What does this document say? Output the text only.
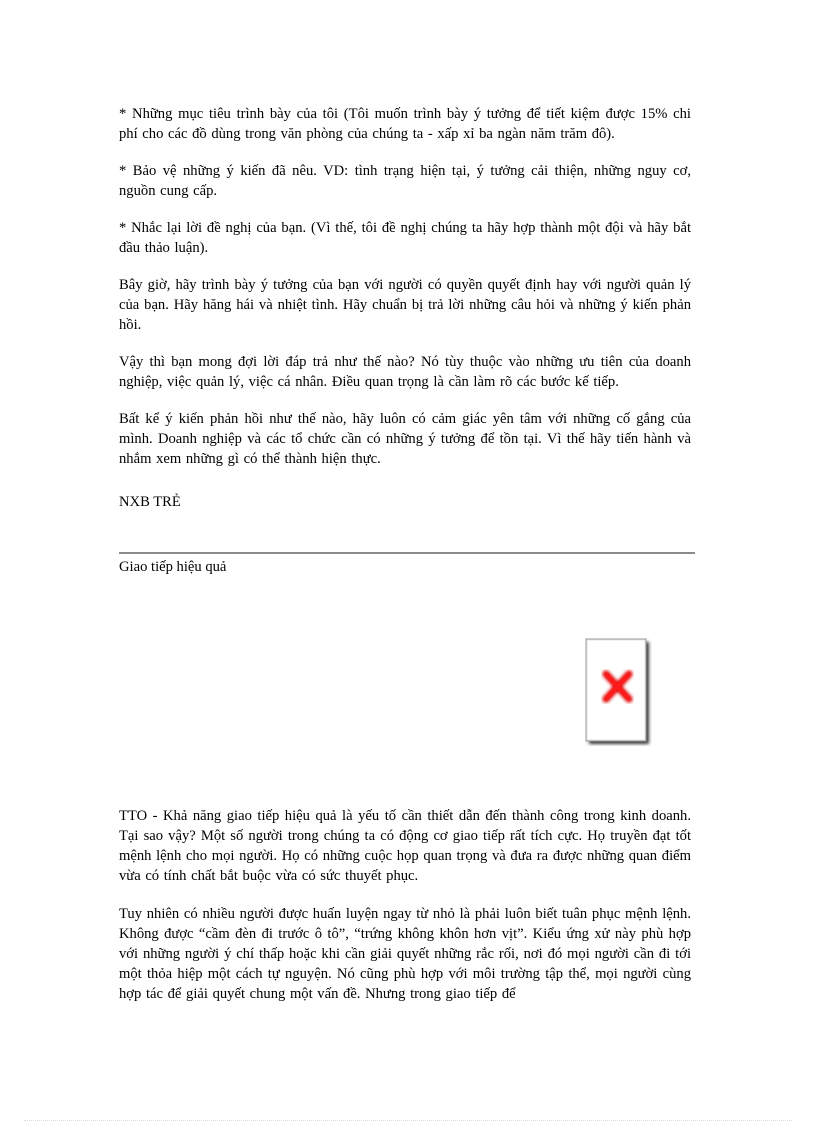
* Những mục tiêu trình bày của tôi (Tôi muốn trình bày ý tưởng để tiết kiệm được 15% chi phí cho các đồ dùng trong văn phòng của chúng ta - xấp xỉ ba ngàn năm trăm đô).

* Bảo vệ những ý kiến đã nêu. VD: tình trạng hiện tại, ý tưởng cải thiện, những nguy cơ, nguồn cung cấp.

* Nhắc lại lời đề nghị của bạn. (Vì thế, tôi đề nghị chúng ta hãy hợp thành một đội và hãy bắt đầu thảo luận).

Bây giờ, hãy trình bày ý tưởng của bạn với người có quyền quyết định hay với người quản lý của bạn. Hãy hăng hái và nhiệt tình. Hãy chuẩn bị trả lời những câu hỏi và những ý kiến phản hồi.

Vậy thì bạn mong đợi lời đáp trả như thế nào? Nó tùy thuộc vào những ưu tiên của doanh nghiệp, việc quản lý, việc cá nhân. Điều quan trọng là cần làm rõ các bước kế tiếp.

Bất kể ý kiến phản hồi như thế nào, hãy luôn có cảm giác yên tâm với những cố gắng của mình. Doanh nghiệp và các tổ chức cần có những ý tưởng để tồn tại. Vì thế hãy tiến hành và nhắm xem những gì có thể thành hiện thực.

NXB TRẺ

Giao tiếp hiệu quả

TTO - Khả năng giao tiếp hiệu quả là yếu tố cần thiết dẫn đến thành công trong kinh doanh. Tại sao vậy? Một số người trong chúng ta có động cơ giao tiếp rất tích cực. Họ truyền đạt tốt mệnh lệnh cho mọi người. Họ có những cuộc họp quan trọng và đưa ra được những quan điểm vừa có tính chất bắt buộc vừa có sức thuyết phục.

Tuy nhiên có nhiều người được huấn luyện ngay từ nhỏ là phải luôn biết tuân phục mệnh lệnh. Không được “cầm đèn đi trước ô tô”, “trứng không khôn hơn vịt”. Kiểu ứng xử này phù hợp với những người ý chí thấp hoặc khi cần giải quyết những rắc rối, nơi đó mọi người cần đi tới một thỏa hiệp một cách tự nguyện. Nó cũng phù hợp với môi trường tập thể, mọi người cùng hợp tác để giải quyết chung một vấn đề. Nhưng trong giao tiếp để
